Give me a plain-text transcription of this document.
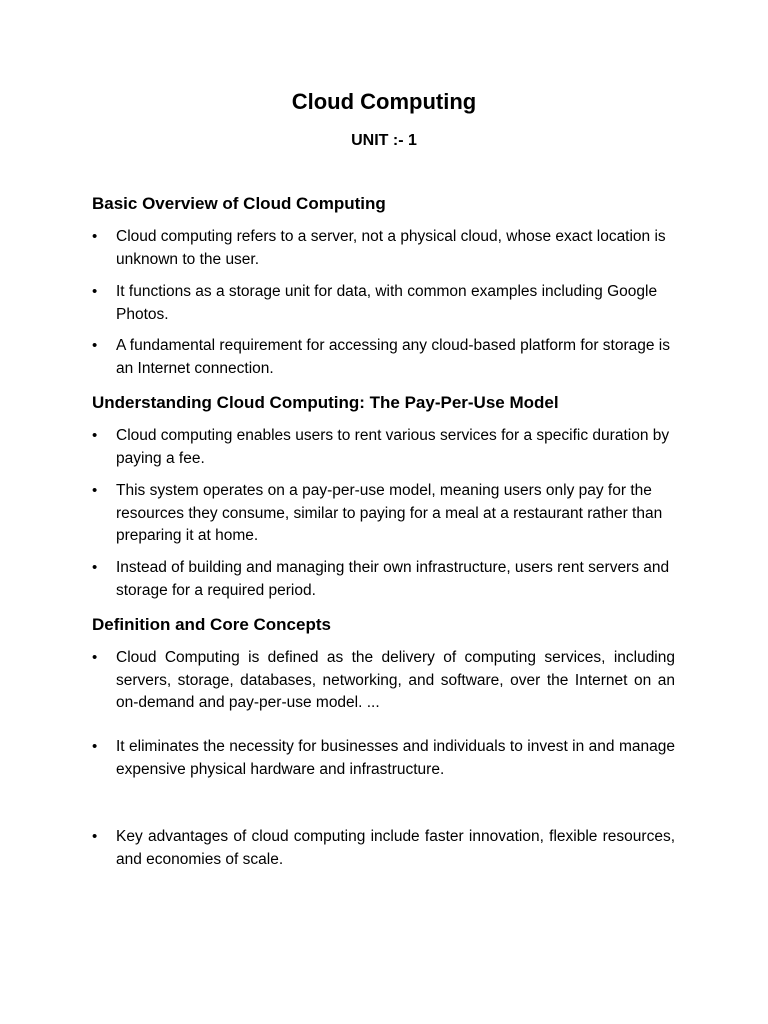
Cloud Computing
UNIT :- 1
Basic Overview of Cloud Computing
•	Cloud computing refers to a server, not a physical cloud, whose exact location is unknown to the user.
•	It functions as a storage unit for data, with common examples including Google Photos.
•	A fundamental requirement for accessing any cloud-based platform for storage is an Internet connection.
Understanding Cloud Computing: The Pay-Per-Use Model
•	Cloud computing enables users to rent various services for a specific duration by paying a fee.
•	This system operates on a pay-per-use model, meaning users only pay for the resources they consume, similar to paying for a meal at a restaurant rather than preparing it at home.
•	Instead of building and managing their own infrastructure, users rent servers and storage for a required period.
Definition and Core Concepts
•	Cloud Computing is defined as the delivery of computing services, including servers, storage, databases, networking, and software, over the Internet on an on-demand and pay-per-use model. ...
•	It eliminates the necessity for businesses and individuals to invest in and manage expensive physical hardware and infrastructure.
•	Key advantages of cloud computing include faster innovation, flexible resources, and economies of scale.
